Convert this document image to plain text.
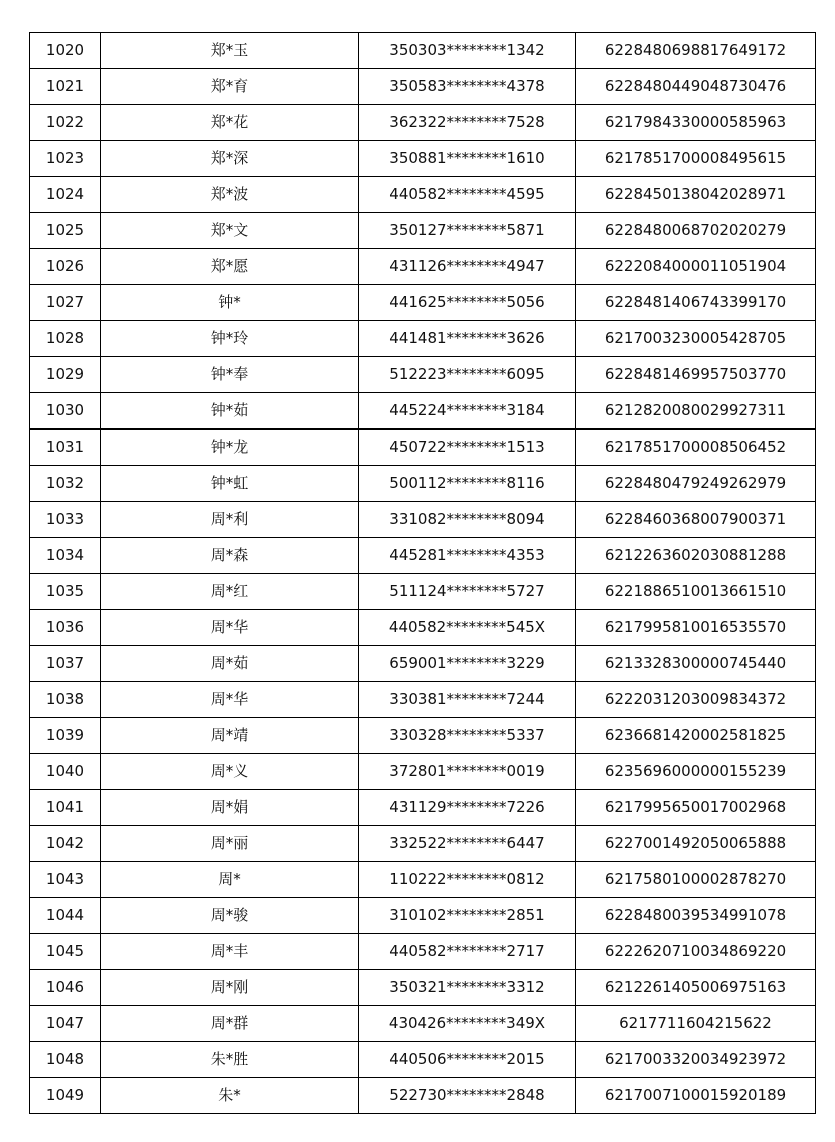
1020	郑*玉	350303********1342	6228480698817649172
1021	郑*育	350583********4378	6228480449048730476
1022	郑*花	362322********7528	6217984330000585963
1023	郑*深	350881********1610	6217851700008495615
1024	郑*波	440582********4595	6228450138042028971
1025	郑*文	350127********5871	6228480068702020279
1026	郑*愿	431126********4947	6222084000011051904
1027	钟*	441625********5056	6228481406743399170
1028	钟*玲	441481********3626	6217003230005428705
1029	钟*奉	512223********6095	6228481469957503770
1030	钟*茹	445224********3184	6212820080029927311
1031	钟*龙	450722********1513	6217851700008506452
1032	钟*虹	500112********8116	6228480479249262979
1033	周*利	331082********8094	6228460368007900371
1034	周*森	445281********4353	6212263602030881288
1035	周*红	511124********5727	6221886510013661510
1036	周*华	440582********545X	6217995810016535570
1037	周*茹	659001********3229	6213328300000745440
1038	周*华	330381********7244	6222031203009834372
1039	周*靖	330328********5337	6236681420002581825
1040	周*义	372801********0019	6235696000000155239
1041	周*娟	431129********7226	6217995650017002968
1042	周*丽	332522********6447	6227001492050065888
1043	周*	110222********0812	6217580100002878270
1044	周*骏	310102********2851	6228480039534991078
1045	周*丰	440582********2717	6222620710034869220
1046	周*刚	350321********3312	6212261405006975163
1047	周*群	430426********349X	6217711604215622
1048	朱*胜	440506********2015	6217003320034923972
1049	朱*	522730********2848	6217007100015920189
